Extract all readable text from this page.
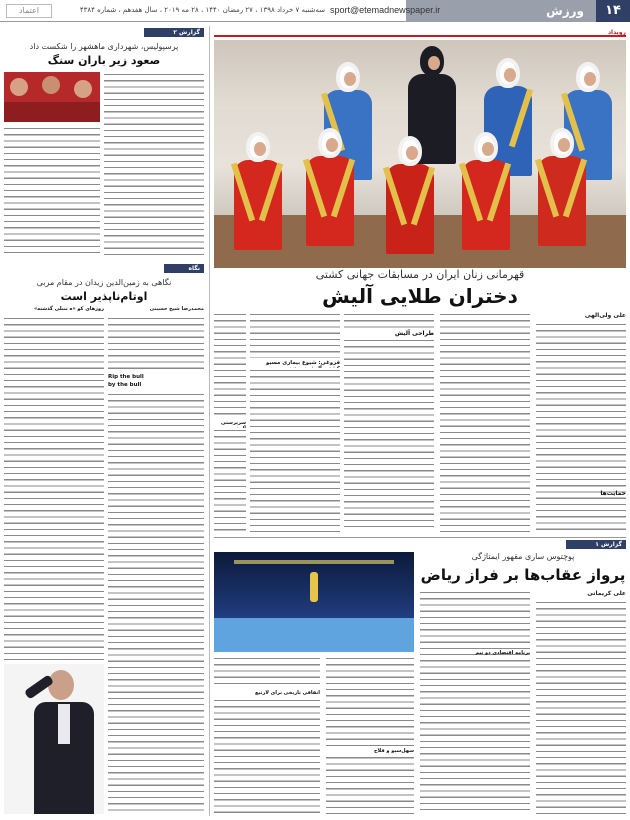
۱۴
ورزش
sport@etemadnewspaper.ir
سه‌شنبه ۷ خرداد ۱۳۹۸ ، ۲۷ رمضان ۱۴۴۰ ، ۲۸ مه ۲۰۱۹ ، سال هفدهم ، شماره ۴۳۸۴
اعتماد
رویداد
قهرمانی زنان ایران در مسابقات جهانی کشتی
دختران طلایی آلیش
علی ولی‌الهی
طراحی آلیش
فروغی: شیوع بیماری مسیو
سرپرستی
حمایت‌ها
گزارش ۱
پوچتوس ساری مقهور ایمتاژگی
پرواز عقاب‌ها بر فراز ریاض
علی کریمانی
اتفاقی تاریخی برای لارتیع
برنامه اقتصادی دو تیم
سهل‌سیو و فلاح
گزارش ۲
پرسپولیس، شهرداری ماهشهر را شکست داد
صعود زیر باران سنگ
نگاه
نگاهی به زمین‌الدین زیدان در مقام مربی
اوتام‌ناپذیر است
روزهای کو «ه تنبلی گذشته»	محمدرضا شیخ حسینی
Rip the bull
by the bull
